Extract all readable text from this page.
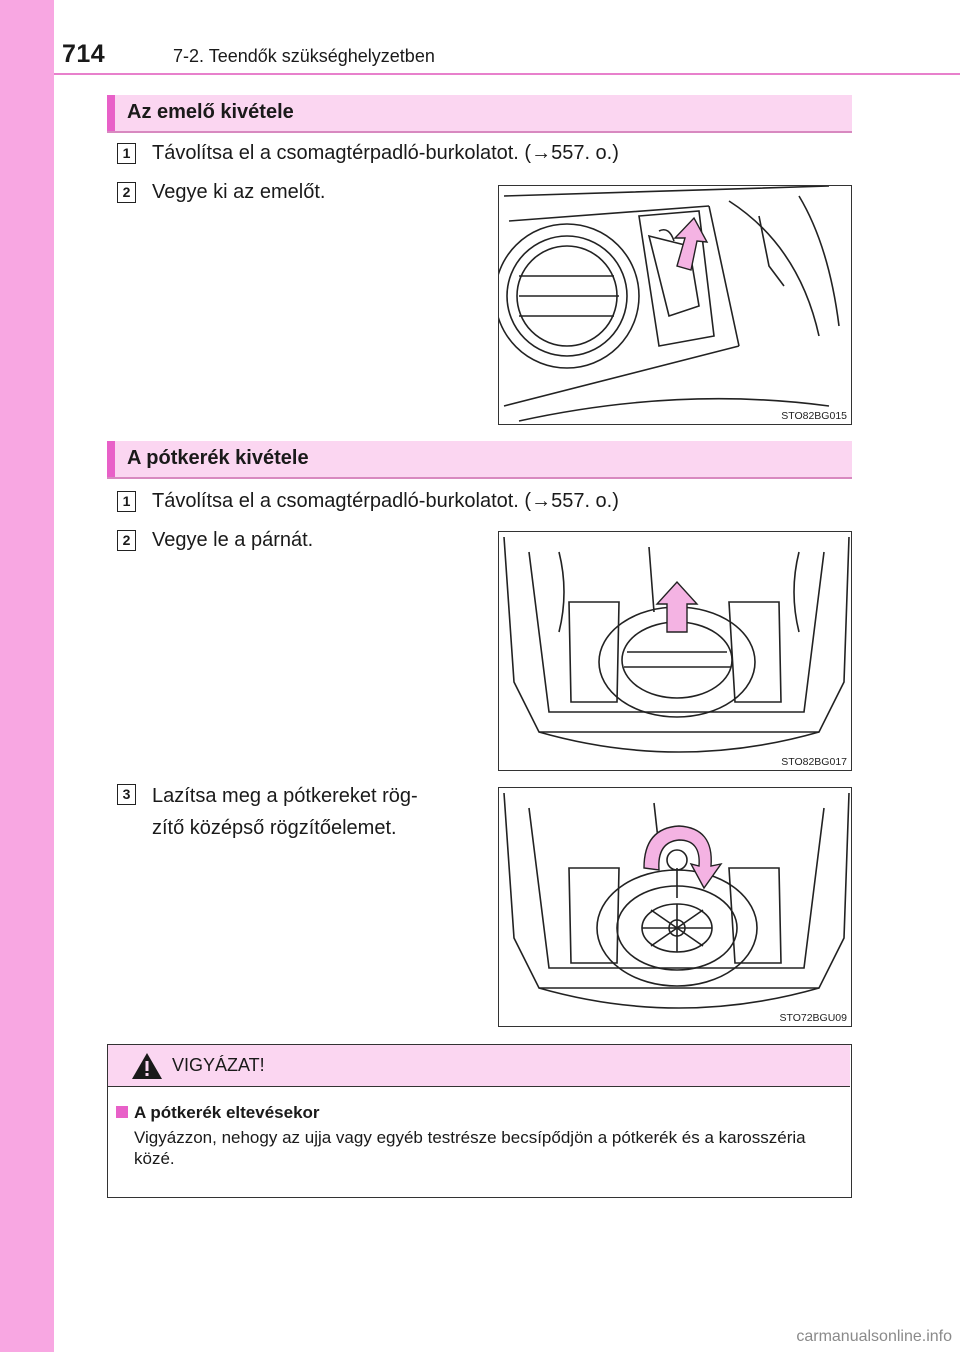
714	7-2. Teendők szükséghelyzetben
Az emelő kivétele
1 Távolítsa el a csomagtérpadló-burkolatot. (→557. o.)
2 Vegye ki az emelőt.
STO82BG015
A pótkerék kivétele
1 Távolítsa el a csomagtérpadló-burkolatot. (→557. o.)
2 Vegye le a párnát.
STO82BG017
3 Lazítsa meg a pótkereket rög-
zítő középső rögzítőelemet.
STO72BGU09
VIGYÁZAT!
A pótkerék eltevésekor
Vigyázzon, nehogy az ujja vagy egyéb testrésze becsípődjön a pótkerék és a karosszéria közé.
carmanualsonline.info
